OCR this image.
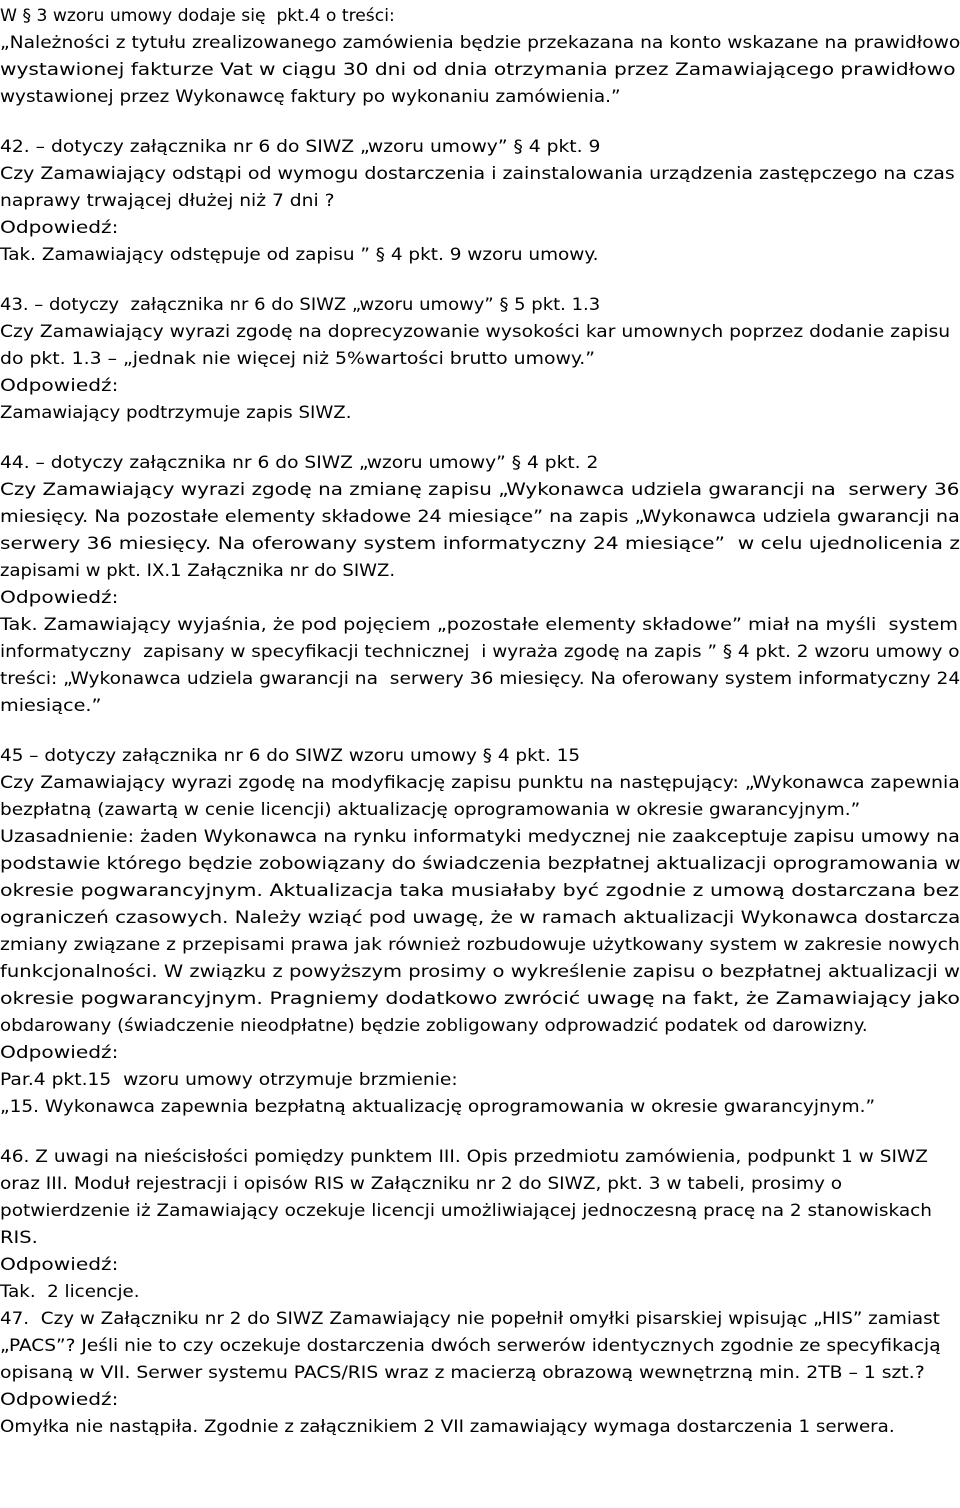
W § 3 wzoru umowy dodaje się  pkt.4 o treści:
„Należności z tytułu zrealizowanego zamówienia będzie przekazana na konto wskazane na prawidłowo
wystawionej fakturze Vat w ciągu 30 dni od dnia otrzymania przez Zamawiającego prawidłowo
wystawionej przez Wykonawcę faktury po wykonaniu zamówienia.”
42. – dotyczy załącznika nr 6 do SIWZ „wzoru umowy” § 4 pkt. 9
Czy Zamawiający odstąpi od wymogu dostarczenia i zainstalowania urządzenia zastępczego na czas
naprawy trwającej dłużej niż 7 dni ?
Odpowiedź:
Tak. Zamawiający odstępuje od zapisu ” § 4 pkt. 9 wzoru umowy.
43. – dotyczy  załącznika nr 6 do SIWZ „wzoru umowy” § 5 pkt. 1.3
Czy Zamawiający wyrazi zgodę na doprecyzowanie wysokości kar umownych poprzez dodanie zapisu
do pkt. 1.3 – „jednak nie więcej niż 5%wartości brutto umowy.”
Odpowiedź:
Zamawiający podtrzymuje zapis SIWZ.
44. – dotyczy załącznika nr 6 do SIWZ „wzoru umowy” § 4 pkt. 2
Czy Zamawiający wyrazi zgodę na zmianę zapisu „Wykonawca udziela gwarancji na  serwery 36
miesięcy. Na pozostałe elementy składowe 24 miesiące” na zapis „Wykonawca udziela gwarancji na
serwery 36 miesięcy. Na oferowany system informatyczny 24 miesiące”  w celu ujednolicenia z
zapisami w pkt. IX.1 Załącznika nr do SIWZ.
Odpowiedź:
Tak. Zamawiający wyjaśnia, że pod pojęciem „pozostałe elementy składowe” miał na myśli  system
informatyczny  zapisany w specyfikacji technicznej  i wyraża zgodę na zapis ” § 4 pkt. 2 wzoru umowy o
treści: „Wykonawca udziela gwarancji na  serwery 36 miesięcy. Na oferowany system informatyczny 24
miesiące.”
45 – dotyczy załącznika nr 6 do SIWZ wzoru umowy § 4 pkt. 15
Czy Zamawiający wyrazi zgodę na modyfikację zapisu punktu na następujący: „Wykonawca zapewnia
bezpłatną (zawartą w cenie licencji) aktualizację oprogramowania w okresie gwarancyjnym.”
Uzasadnienie: żaden Wykonawca na rynku informatyki medycznej nie zaakceptuje zapisu umowy na
podstawie którego będzie zobowiązany do świadczenia bezpłatnej aktualizacji oprogramowania w
okresie pogwarancyjnym. Aktualizacja taka musiałaby być zgodnie z umową dostarczana bez
ograniczeń czasowych. Należy wziąć pod uwagę, że w ramach aktualizacji Wykonawca dostarcza
zmiany związane z przepisami prawa jak również rozbudowuje użytkowany system w zakresie nowych
funkcjonalności. W związku z powyższym prosimy o wykreślenie zapisu o bezpłatnej aktualizacji w
okresie pogwarancyjnym. Pragniemy dodatkowo zwrócić uwagę na fakt, że Zamawiający jako
obdarowany (świadczenie nieodpłatne) będzie zobligowany odprowadzić podatek od darowizny.
Odpowiedź:
Par.4 pkt.15  wzoru umowy otrzymuje brzmienie:
„15. Wykonawca zapewnia bezpłatną aktualizację oprogramowania w okresie gwarancyjnym.”
46. Z uwagi na nieścisłości pomiędzy punktem III. Opis przedmiotu zamówienia, podpunkt 1 w SIWZ
oraz III. Moduł rejestracji i opisów RIS w Załączniku nr 2 do SIWZ, pkt. 3 w tabeli, prosimy o
potwierdzenie iż Zamawiający oczekuje licencji umożliwiającej jednoczesną pracę na 2 stanowiskach
RIS.
Odpowiedź:
Tak.  2 licencje.
47.  Czy w Załączniku nr 2 do SIWZ Zamawiający nie popełnił omyłki pisarskiej wpisując „HIS” zamiast
„PACS”? Jeśli nie to czy oczekuje dostarczenia dwóch serwerów identycznych zgodnie ze specyfikacją
opisaną w VII. Serwer systemu PACS/RIS wraz z macierzą obrazową wewnętrzną min. 2TB – 1 szt.?
Odpowiedź:
Omyłka nie nastąpiła. Zgodnie z załącznikiem 2 VII zamawiający wymaga dostarczenia 1 serwera.
